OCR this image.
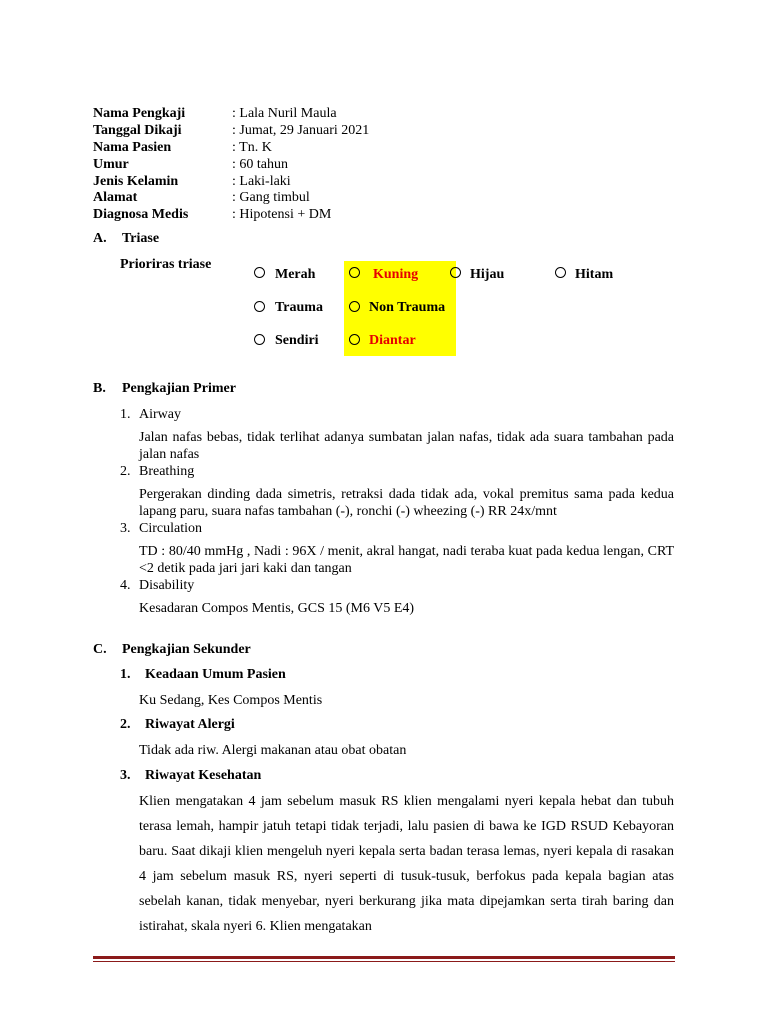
Nama Pengkaji	: Lala Nuril Maula
Tanggal Dikaji	: Jumat, 29 Januari 2021
Nama Pasien	: Tn. K
Umur	: 60 tahun
Jenis Kelamin	: Laki-laki
Alamat	: Gang timbul
Diagnosa Medis	: Hipotensi + DM
A. Triase
Prioriras triase
Merah	Kuning	Hijau	Hitam
Trauma	Non Trauma
Sendiri	Diantar
B. Pengkajian Primer
1. Airway
Jalan nafas bebas, tidak terlihat adanya sumbatan jalan nafas, tidak ada suara tambahan pada jalan nafas
2. Breathing
Pergerakan dinding dada simetris, retraksi dada tidak ada, vokal premitus sama pada kedua lapang paru, suara nafas tambahan (-), ronchi (-) wheezing (-) RR 24x/mnt
3. Circulation
TD : 80/40 mmHg , Nadi : 96X / menit, akral hangat, nadi teraba kuat pada kedua lengan, CRT <2 detik pada jari jari kaki dan tangan
4. Disability
Kesadaran Compos Mentis, GCS 15 (M6 V5 E4)
C. Pengkajian Sekunder
1. Keadaan Umum Pasien
Ku Sedang, Kes Compos Mentis
2. Riwayat Alergi
Tidak ada riw. Alergi makanan atau obat obatan
3. Riwayat Kesehatan
Klien mengatakan 4 jam sebelum masuk RS klien mengalami nyeri kepala hebat dan tubuh terasa lemah, hampir jatuh tetapi tidak terjadi, lalu pasien di bawa ke IGD RSUD Kebayoran baru. Saat dikaji klien mengeluh nyeri kepala serta badan terasa lemas, nyeri kepala di rasakan 4 jam sebelum masuk RS, nyeri seperti di tusuk-tusuk, berfokus pada kepala bagian atas sebelah kanan, tidak menyebar, nyeri berkurang jika mata dipejamkan serta tirah baring dan istirahat, skala nyeri 6. Klien mengatakan
